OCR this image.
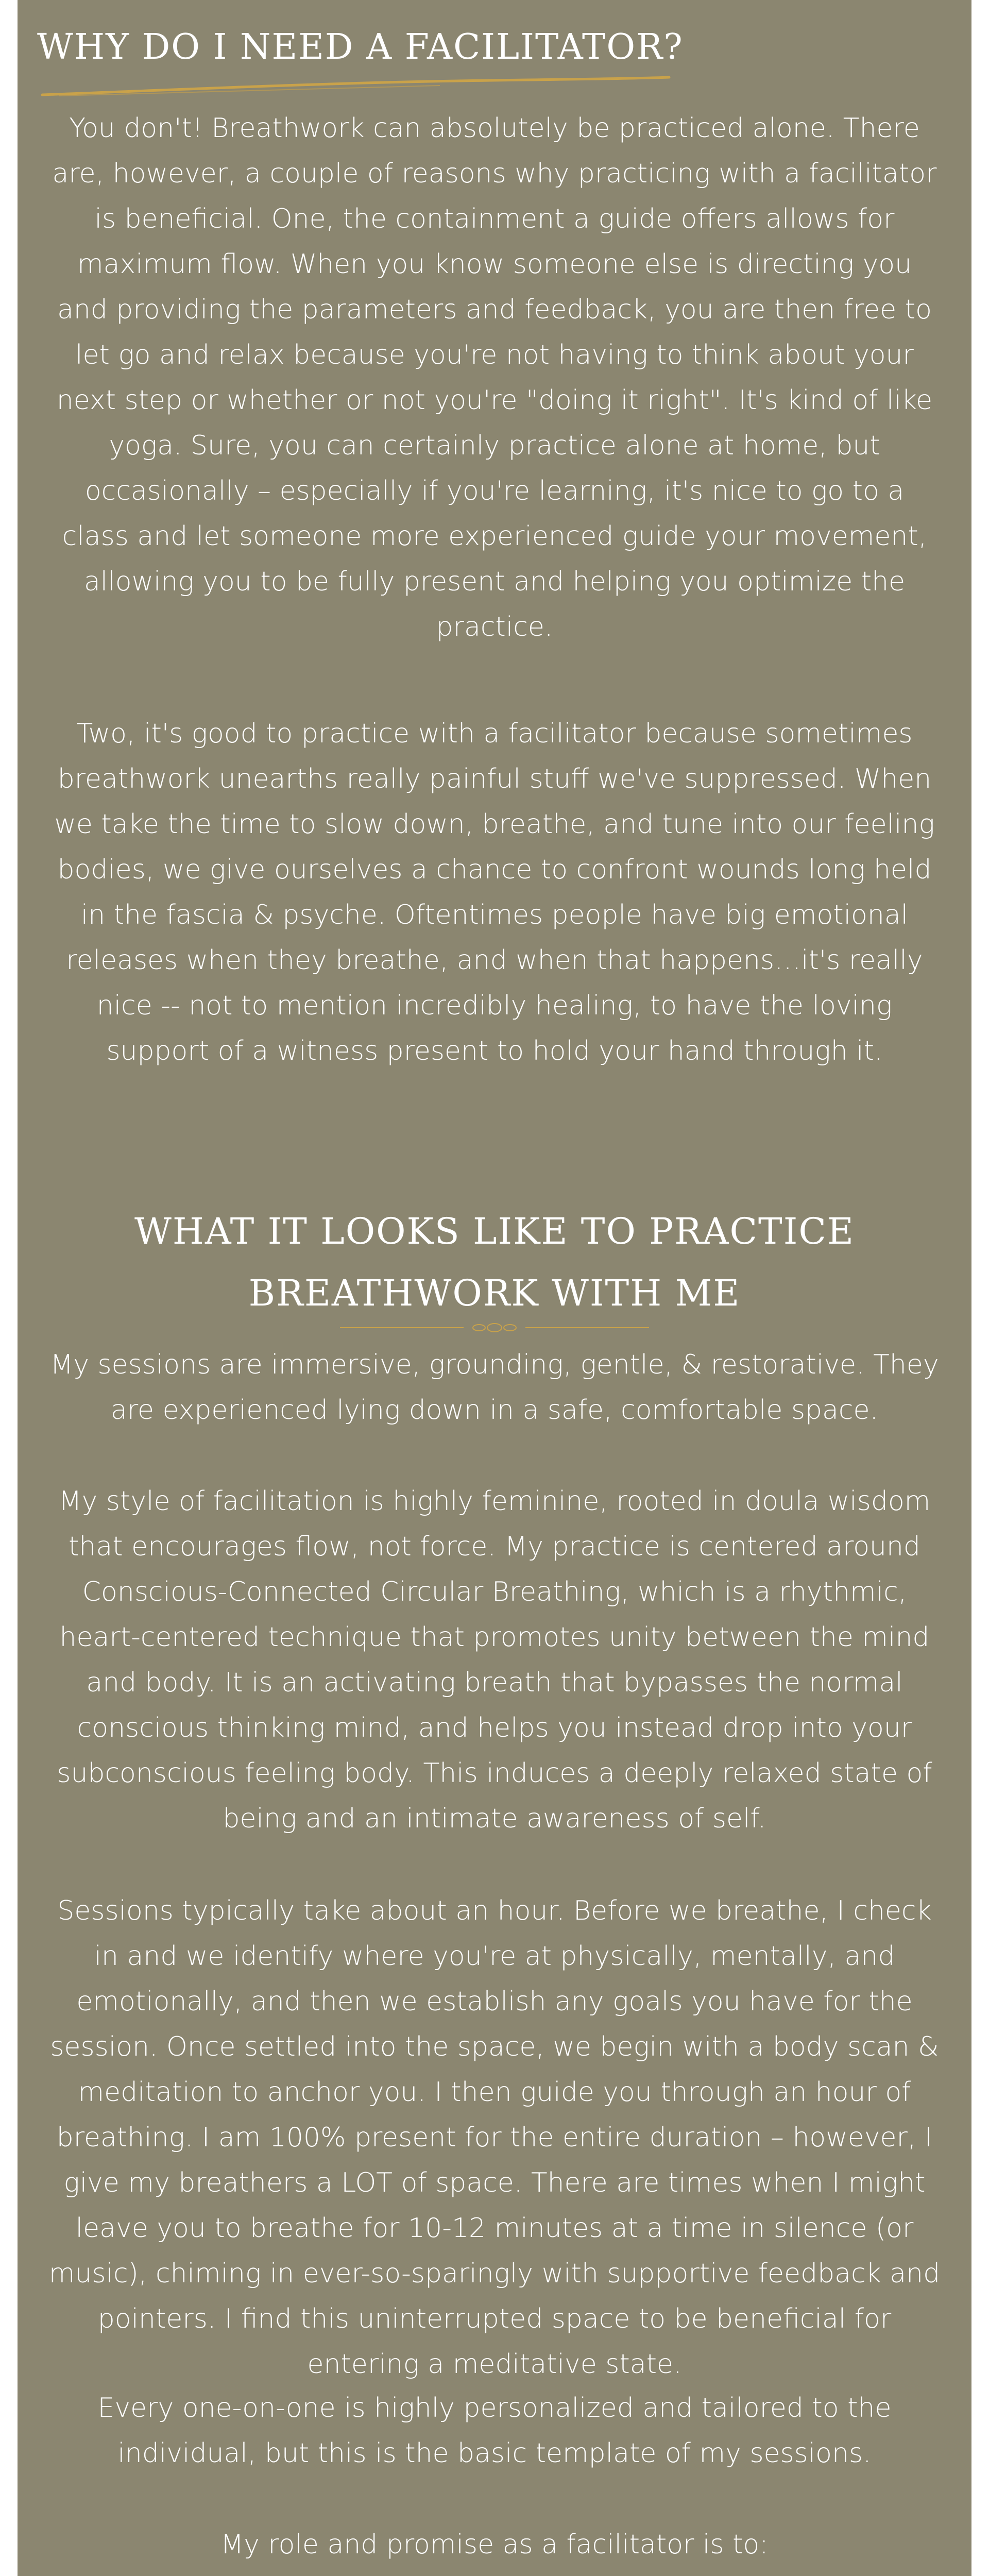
WHY DO I NEED A FACILITATOR?

You don't! Breathwork can absolutely be practiced alone. There are, however, a couple of reasons why practicing with a facilitator is beneficial. One, the containment a guide offers allows for maximum flow. When you know someone else is directing you and providing the parameters and feedback, you are then free to let go and relax because you're not having to think about your next step or whether or not you're "doing it right". It's kind of like yoga. Sure, you can certainly practice alone at home, but occasionally – especially if you're learning, it's nice to go to a class and let someone more experienced guide your movement, allowing you to be fully present and helping you optimize the practice.

Two, it's good to practice with a facilitator because sometimes breathwork unearths really painful stuff we've suppressed. When we take the time to slow down, breathe, and tune into our feeling bodies, we give ourselves a chance to confront wounds long held in the fascia & psyche. Oftentimes people have big emotional releases when they breathe, and when that happens…it's really nice -- not to mention incredibly healing, to have the loving support of a witness present to hold your hand through it.

WHAT IT LOOKS LIKE TO PRACTICE BREATHWORK WITH ME

My sessions are immersive, grounding, gentle, & restorative. They are experienced lying down in a safe, comfortable space.

My style of facilitation is highly feminine, rooted in doula wisdom that encourages flow, not force. My practice is centered around Conscious-Connected Circular Breathing, which is a rhythmic, heart-centered technique that promotes unity between the mind and body. It is an activating breath that bypasses the normal conscious thinking mind, and helps you instead drop into your subconscious feeling body. This induces a deeply relaxed state of being and an intimate awareness of self.

Sessions typically take about an hour. Before we breathe, I check in and we identify where you're at physically, mentally, and emotionally, and then we establish any goals you have for the session. Once settled into the space, we begin with a body scan & meditation to anchor you. I then guide you through an hour of breathing. I am 100% present for the entire duration – however, I give my breathers a LOT of space. There are times when I might leave you to breathe for 10-12 minutes at a time in silence (or music), chiming in ever-so-sparingly with supportive feedback and pointers. I find this uninterrupted space to be beneficial for entering a meditative state.

Every one-on-one is highly personalized and tailored to the individual, but this is the basic template of my sessions.

My role and promise as a facilitator is to:
